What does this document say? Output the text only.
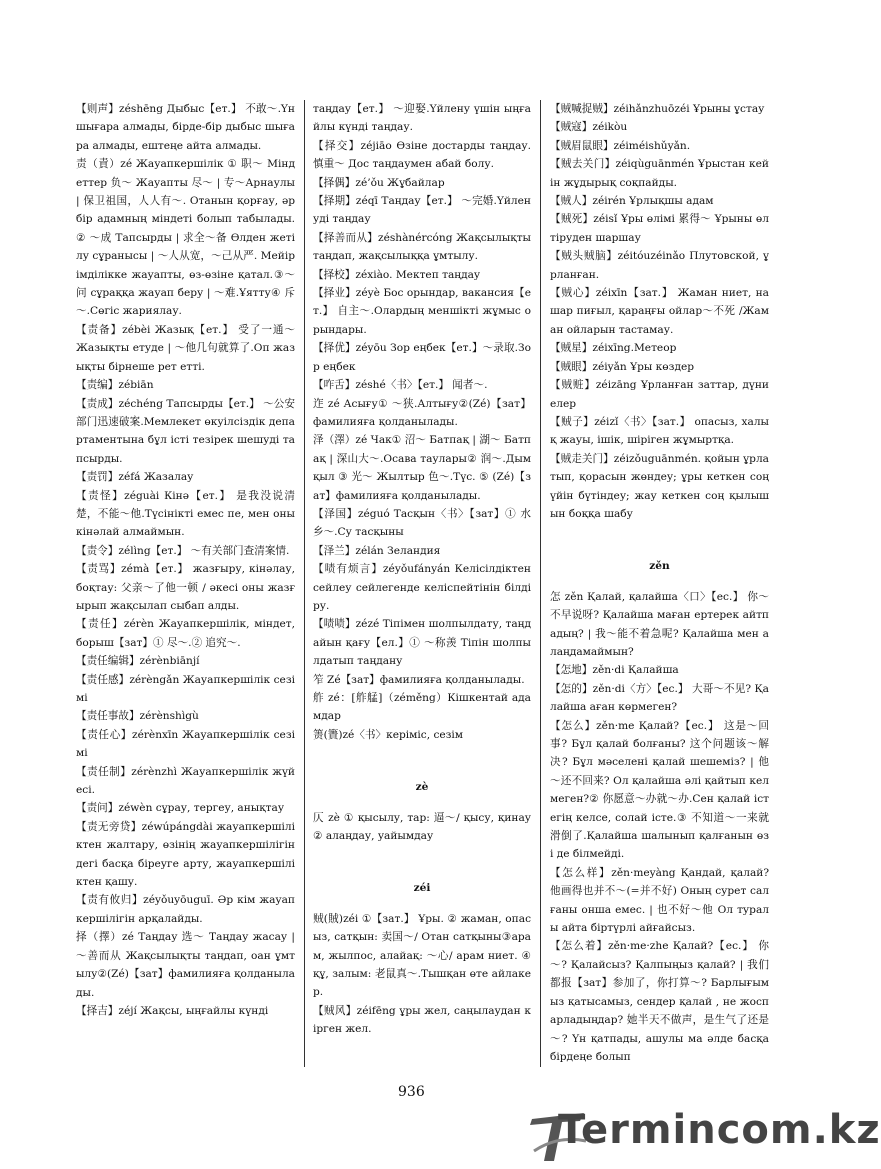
【则声】zéshēng Дыбыс【ет.】 不敢～.Үн шығара алмады, бірде-бір дыбыс шығара алмады, ештеңе айта алмады.

责（責）zé Жауапкершілік ① 职～ Міндеттер 负～ Жауапты 尽～ | 专～Арнаулы | 保卫祖国，人人有～. Отанын қорғау, әрбір адамның міндеті болып табылады. ② ～成 Тапсырды | 求全～备 Өлден жетілу сұранысы | ～人从宽，～己从严. Мейірімділікке жауапты, өз-өзіне қатал.③～问 сұраққа жауап беру | ～难.Ұятту④ 斥～.Сөгіс жариялау.

【责备】zébèi Жазық【ет.】 受了一通～ Жазықты етуде | ～他几句就算了.Оп жазықты бірнеше рет етті.

【责编】zébiān

【责成】zéchéng Тапсырды【ет.】 ～公安部门迅速破案.Мемлекет өкуілсіздік департаментына бұл істі тезірек шешуді тапсырды.

【责罚】zéfá Жазалау

【责怪】zéguài Кінә【ет.】 是我没说清楚，不能～他.Түсінікті емес пе, мен оны кінәлай алмаймын.

【责令】zélìng【ет.】 ～有关部门查清案情.

【责骂】zémà【ет.】 жазғыру, кінәлау, боқтау: 父亲～了他一顿 / әкесі оны жазғырып жақсылап сыбап алды.

【责任】zérèn Жауапкершілік, міндет, борыш【зат】① 尽～.② 追究～.

【责任编辑】zérènbiānjí

【责任感】zérèngǎn Жауапкершілік сезімі

【责任事故】zérènshìgù

【责任心】zérènxīn Жауапкершілік сезімі

【责任制】zérènzhì Жауапкершілік жүйесі.

【责问】zéwèn сұрау, тергеу, анықтау

【责无旁贷】zéwúpángdài жауапкершіліктен жалтару, өзінің жауапкершілігіндегі басқа біреуге арту, жауапкершіліктен қашу.

【责有攸归】zéyǒuyōuguī. Әр кім жауапкершілігін арқалайды.

择（擇）zé Таңдау 选～ Таңдау жасау | ～善而从 Жақсылықты таңдап, оан ұмтылу②(Zé)【зат】фамилияға қолданылады.

【择吉】zéjí Жақсы, ыңғайлы күнді

таңдау【ет.】 ～迎娶.Үйлену үшін ыңғайлы күнді таңдау.

【择交】zéjiāo Өзіне достарды таңдау. 慎重～ Дос таңдаумен абай болу.

【择偶】zé’ǒu Жұбайлар

【择期】zéqī Таңдау【ет.】 ～完婚.Үйленуді таңдау

【择善而从】zéshànércóng Жақсылықты таңдап, жақсылыққа ұмтылу.

【择校】zéxiào. Мектеп таңдау

【择业】zéyè Бос орындар, вакансия【ет.】 自主～.Олардың меншікті жұмыс орындары.

【择优】zéyōu Зор еңбек【ет.】～录取.Зор еңбек

【咋舌】zéshé〈书〉【ет.】 闻者～.

迮 zé Асығу① ～狭.Алтығу②(Zé)【зат】фамилияға қолданылады.

泽（澤）zé Чак① 沼～ Батпақ | 湖～ Батпақ | 深山大～.Осава таулары② 润～.Дымқыл ③ 光～ Жылтыр 色～.Түс. ⑤ (Zé)【зат】фамилияға қолданылады.

【泽国】zéguó Тасқын〈书〉【зат】① 水乡～.Су тасқыны

【泽兰】zélán Зеландия

【啧有烦言】zéyǒufányán Келісілдіктен сейлеу сейлегенде келіспейтінін білдіру.

【啧啧】zézé Тіпімен шолпылдату, таңдайын қағу【ел.】① ～称羡 Тіпін шолпылдатып таңдану

笮 Zé【зат】фамилияға қолданылады.

舴 zé：[舴艋]（zéměng）Кішкентай адамдар

箦(簀)zé〈书〉керіміс, сезім

zè

仄 zè ① қысылу, тар: 逼～/ қысу, қинау ② алаңдау, уайымдау

zéi

贼(賊)zéi ①【зат.】 Ұры. ② жаман, опасыз, сатқын: 卖国～/ Отан сатқыны③арам, жылпос, алайақ: ～心/ арам ниет. ④ құ, залым: 老鼠真～.Тышқан өте айлакер.

【贼风】zéifēng ұры жел, саңылаудан кірген жел.

【贼喊捉贼】zéihǎnzhuōzéi Ұрыны ұстау

【贼寇】zéikòu

【贼眉鼠眼】zéiméishǔyǎn.

【贼去关门】zéiqùguānmén Ұрыстан кейін жұдырық соқпайды.

【贼人】zéirén Ұрлықшы адам

【贼死】zéisǐ Ұры өлімі 累得～ Ұрыны өлтіруден шаршау

【贼头贼脑】zéitóuzéinǎo Плутовской, ұрланған.

【贼心】zéixīn【зат.】 Жаман ниет, нашар пиғыл, қараңғы ойлар～不死 /Жаман ойларын тастамау.

【贼星】zéixīng.Метеор

【贼眼】zéiyǎn Ұры көздер

【贼赃】zéizāng Ұрланған заттар, дүниелер

【贼子】zéizǐ〈书〉【зат.】 опасыз, халық жауы, ішік, шіріген жұмыртқа.

【贼走关门】zéizǒuguānmén. қойын ұрлатып, қорасын жөндеу; ұры кеткен соң үйін бүтіндеу; жау кеткен соң қылышын боққа шабу

zěn

怎 zěn Қалай, қалайша〈口〉【ес.】 你～不早说呀? Қалайша маған ертерек айтпадың? | 我～能不着急呢? Қалайша мен алаңдамаймын?

【怎地】zěn·di Қалайша

【怎的】zěn·di〈方〉【ес.】 大哥～不见? Қалайша аған көрмеген?

【怎么】zěn·me Қалай?【ес.】 这是～回事? Бұл қалай болғаны? 这个问题该～解决? Бұл мәселені қалай шешеміз? | 他～还不回来? Ол қалайша әлі қайтып келмеген?② 你愿意～办就～办.Сен қалай істегің келсе, солай істе.③ 不知道～一来就滑倒了.Қалайша шалынып қалғанын өзі де білмейді.

【怎么样】zěn·meyàng Қандай, қалай? 他画得也并不～(=并不好) Оның сурет салғаны онша емес. | 也不好～他 Ол туралы айта біртүрлі айғайсыз.

【怎么着】zěn·me·zhe Қалай?【ес.】 你～? Қалайсыз? Қалпыңыз қалай? | 我们都报【зат】参加了，你打算～? Барлығымыз қатысамыз, сендер қалай , не жоспарладыңдар? 她半天不做声，是生气了还是～? Үн қатпады, ашулы ма әлде басқа бірдеңе болып

936
Termincom.kz
